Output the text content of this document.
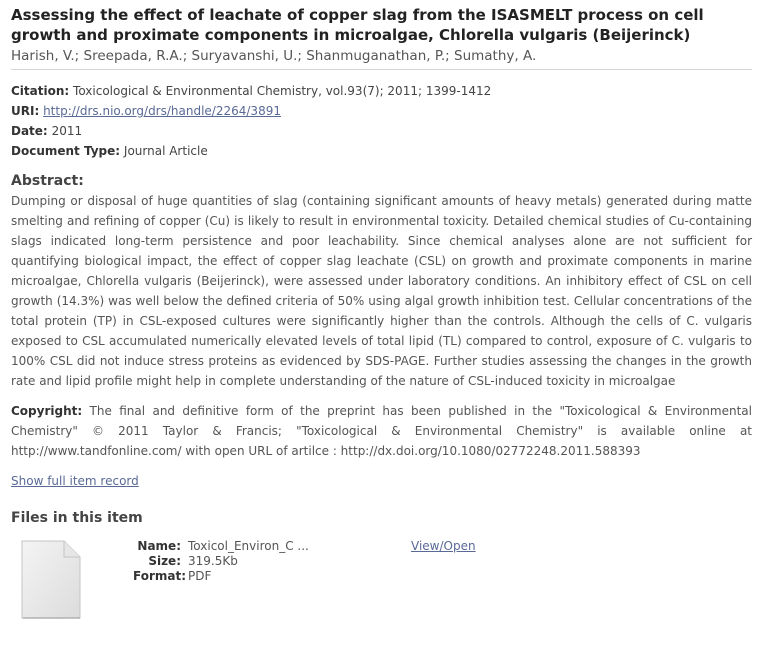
Assessing the effect of leachate of copper slag from the ISASMELT process on cell growth and proximate components in microalgae, Chlorella vulgaris (Beijerinck)
Harish, V.; Sreepada, R.A.; Suryavanshi, U.; Shanmuganathan, P.; Sumathy, A.
Citation: Toxicological & Environmental Chemistry, vol.93(7); 2011; 1399-1412
URI: http://drs.nio.org/drs/handle/2264/3891
Date: 2011
Document Type: Journal Article
Abstract:
Dumping or disposal of huge quantities of slag (containing significant amounts of heavy metals) generated during matte smelting and refining of copper (Cu) is likely to result in environmental toxicity. Detailed chemical studies of Cu-containing slags indicated long-term persistence and poor leachability. Since chemical analyses alone are not sufficient for quantifying biological impact, the effect of copper slag leachate (CSL) on growth and proximate components in marine microalgae, Chlorella vulgaris (Beijerinck), were assessed under laboratory conditions. An inhibitory effect of CSL on cell growth (14.3%) was well below the defined criteria of 50% using algal growth inhibition test. Cellular concentrations of the total protein (TP) in CSL-exposed cultures were significantly higher than the controls. Although the cells of C. vulgaris exposed to CSL accumulated numerically elevated levels of total lipid (TL) compared to control, exposure of C. vulgaris to 100% CSL did not induce stress proteins as evidenced by SDS-PAGE. Further studies assessing the changes in the growth rate and lipid profile might help in complete understanding of the nature of CSL-induced toxicity in microalgae
Copyright: The final and definitive form of the preprint has been published in the "Toxicological & Environmental Chemistry" © 2011 Taylor & Francis; "Toxicological & Environmental Chemistry" is available online at http://www.tandfonline.com/ with open URL of artilce : http://dx.doi.org/10.1080/02772248.2011.588393
Show full item record
Files in this item
Name: Toxicol_Environ_C ...
Size: 319.5Kb
Format: PDF
View/Open
